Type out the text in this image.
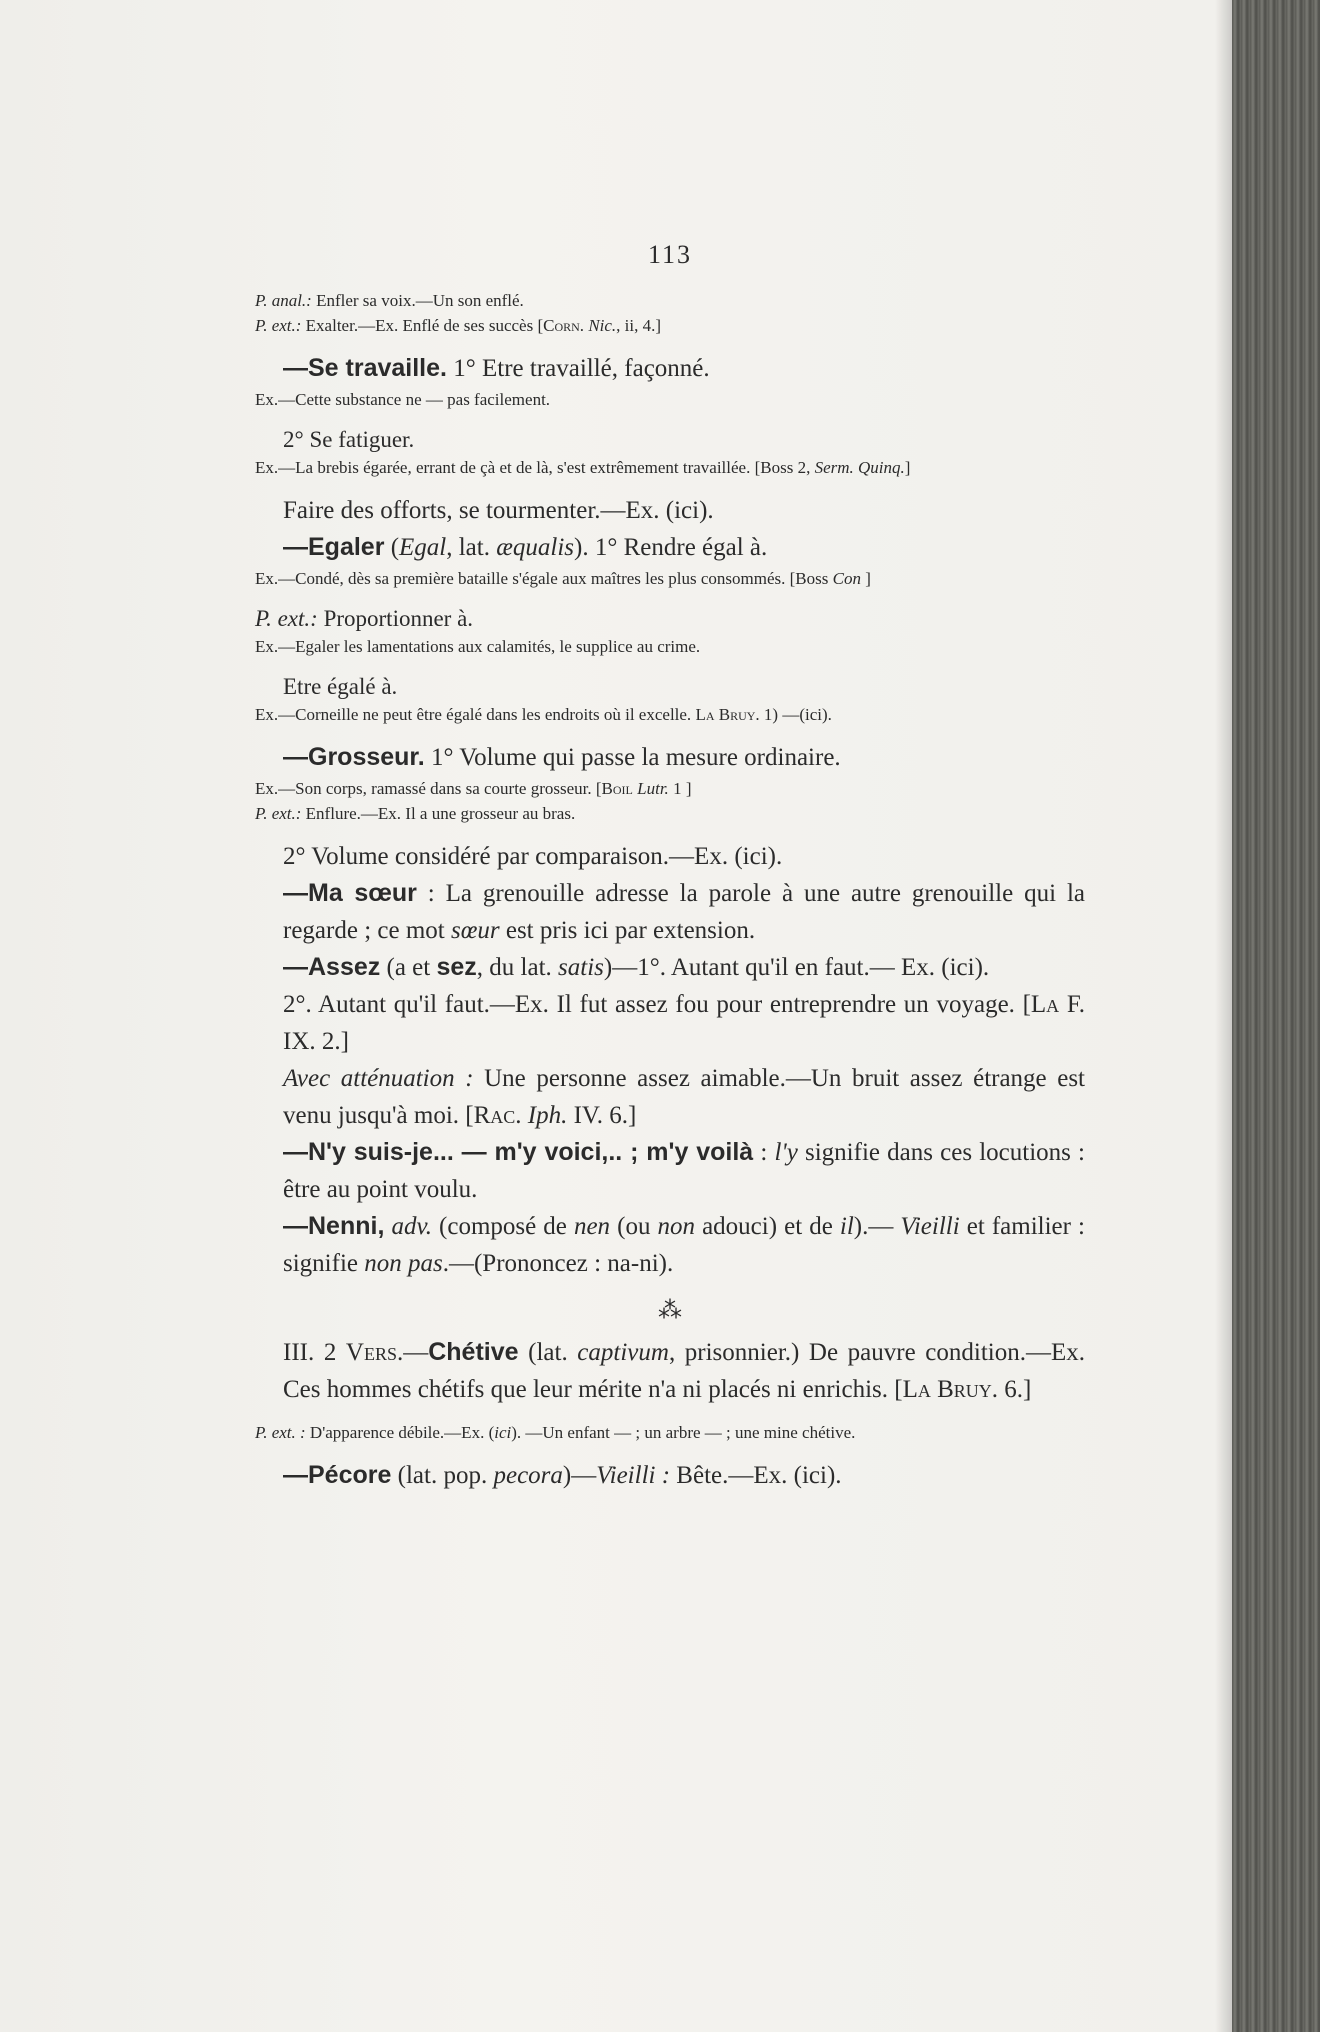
113
P. anal.: Enfler sa voix.—Un son enflé.
P. ext.: Exalter.—Ex. Enflé de ses succès [Corn. Nic., ii, 4.]
—Se travaille. 1° Etre travaillé, façonné.
Ex.—Cette substance ne — pas facilement.
2° Se fatiguer.
Ex.—La brebis égarée, errant de çà et de là, s'est extrêmement travaillée. [Boss 2, Serm. Quinq.]
Faire des offorts, se tourmenter.—Ex. (ici).
—Egaler (Egal, lat. æqualis). 1° Rendre égal à.
Ex.—Condé, dès sa première bataille s'égale aux maîtres les plus consommés. [Boss Con ]
P. ext.: Proportionner à.
Ex.—Egaler les lamentations aux calamités, le supplice au crime.
Etre égalé à.
Ex.—Corneille ne peut être égalé dans les endroits où il excelle. La Bruy. 1) —(ici).
—Grosseur. 1° Volume qui passe la mesure ordinaire.
Ex.—Son corps, ramassé dans sa courte grosseur. [Boil Lutr. 1 ]
P. ext.: Enflure.—Ex. Il a une grosseur au bras.
2° Volume considéré par comparaison.—Ex. (ici).
—Ma sœur : La grenouille adresse la parole à une autre grenouille qui la regarde ; ce mot sœur est pris ici par extension.
—Assez (a et sez, du lat. satis)—1°. Autant qu'il en faut.— Ex. (ici).
2°. Autant qu'il faut.—Ex. Il fut assez fou pour entreprendre un voyage. [La F. IX. 2.]
Avec atténuation : Une personne assez aimable.—Un bruit assez étrange est venu jusqu'à moi. [Rac. Iph. IV. 6.]
—N'y suis-je... — m'y voici,.. ; m'y voilà : l'y signifie dans ces locutions : être au point voulu.
—Nenni, adv. (composé de nen (ou non adouci) et de il).— Vieilli et familier : signifie non pas.—(Prononcez : na-ni).
⁂
III. 2 Vers.—Chétive (lat. captivum, prisonnier.) De pauvre condition.—Ex. Ces hommes chétifs que leur mérite n'a ni placés ni enrichis. [La Bruy. 6.]
P. ext. : D'apparence débile.—Ex. (ici). —Un enfant — ; un arbre — ; une mine chétive.
—Pécore (lat. pop. pecora)—Vieilli : Bête.—Ex. (ici).
